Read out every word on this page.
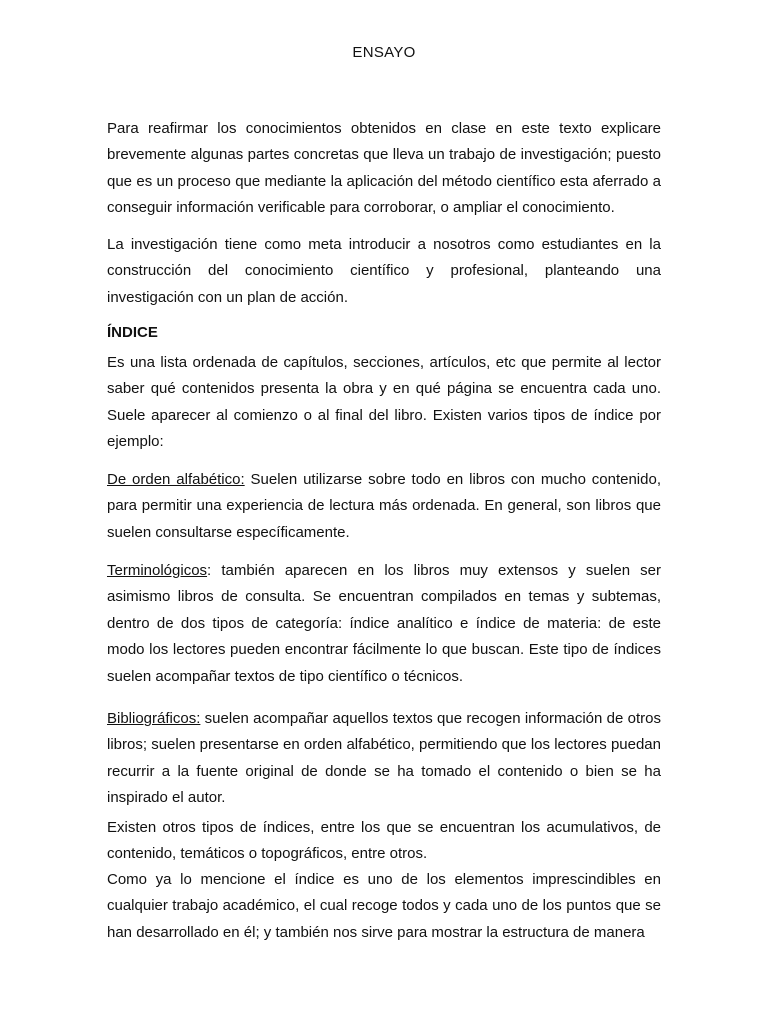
ENSAYO
Para reafirmar los conocimientos obtenidos en clase en este texto explicare brevemente algunas partes concretas que lleva un trabajo de investigación; puesto que es un proceso que mediante la aplicación del método científico esta aferrado a conseguir información verificable para corroborar, o ampliar el conocimiento.
La investigación tiene como meta introducir a nosotros como estudiantes en la construcción del conocimiento científico y profesional, planteando una investigación con un plan de acción.
ÍNDICE
Es una lista ordenada de capítulos, secciones, artículos, etc que permite al lector saber qué contenidos presenta la obra y en qué página se encuentra cada uno. Suele aparecer al comienzo o al final del libro. Existen varios tipos de índice por ejemplo:
De orden alfabético: Suelen utilizarse sobre todo en libros con mucho contenido, para permitir una experiencia de lectura más ordenada. En general, son libros que suelen consultarse específicamente.
Terminológicos: también aparecen en los libros muy extensos y suelen ser asimismo libros de consulta. Se encuentran compilados en temas y subtemas, dentro de dos tipos de categoría: índice analítico e índice de materia: de este modo los lectores pueden encontrar fácilmente lo que buscan. Este tipo de índices suelen acompañar textos de tipo científico o técnicos.
Bibliográficos: suelen acompañar aquellos textos que recogen información de otros libros; suelen presentarse en orden alfabético, permitiendo que los lectores puedan recurrir a la fuente original de donde se ha tomado el contenido o bien se ha inspirado el autor.
Existen otros tipos de índices, entre los que se encuentran los acumulativos, de contenido, temáticos o topográficos, entre otros.
Como ya lo mencione el índice es uno de los elementos imprescindibles en cualquier trabajo académico, el cual recoge todos y cada uno de los puntos que se han desarrollado en él; y también nos sirve para mostrar la estructura de manera
